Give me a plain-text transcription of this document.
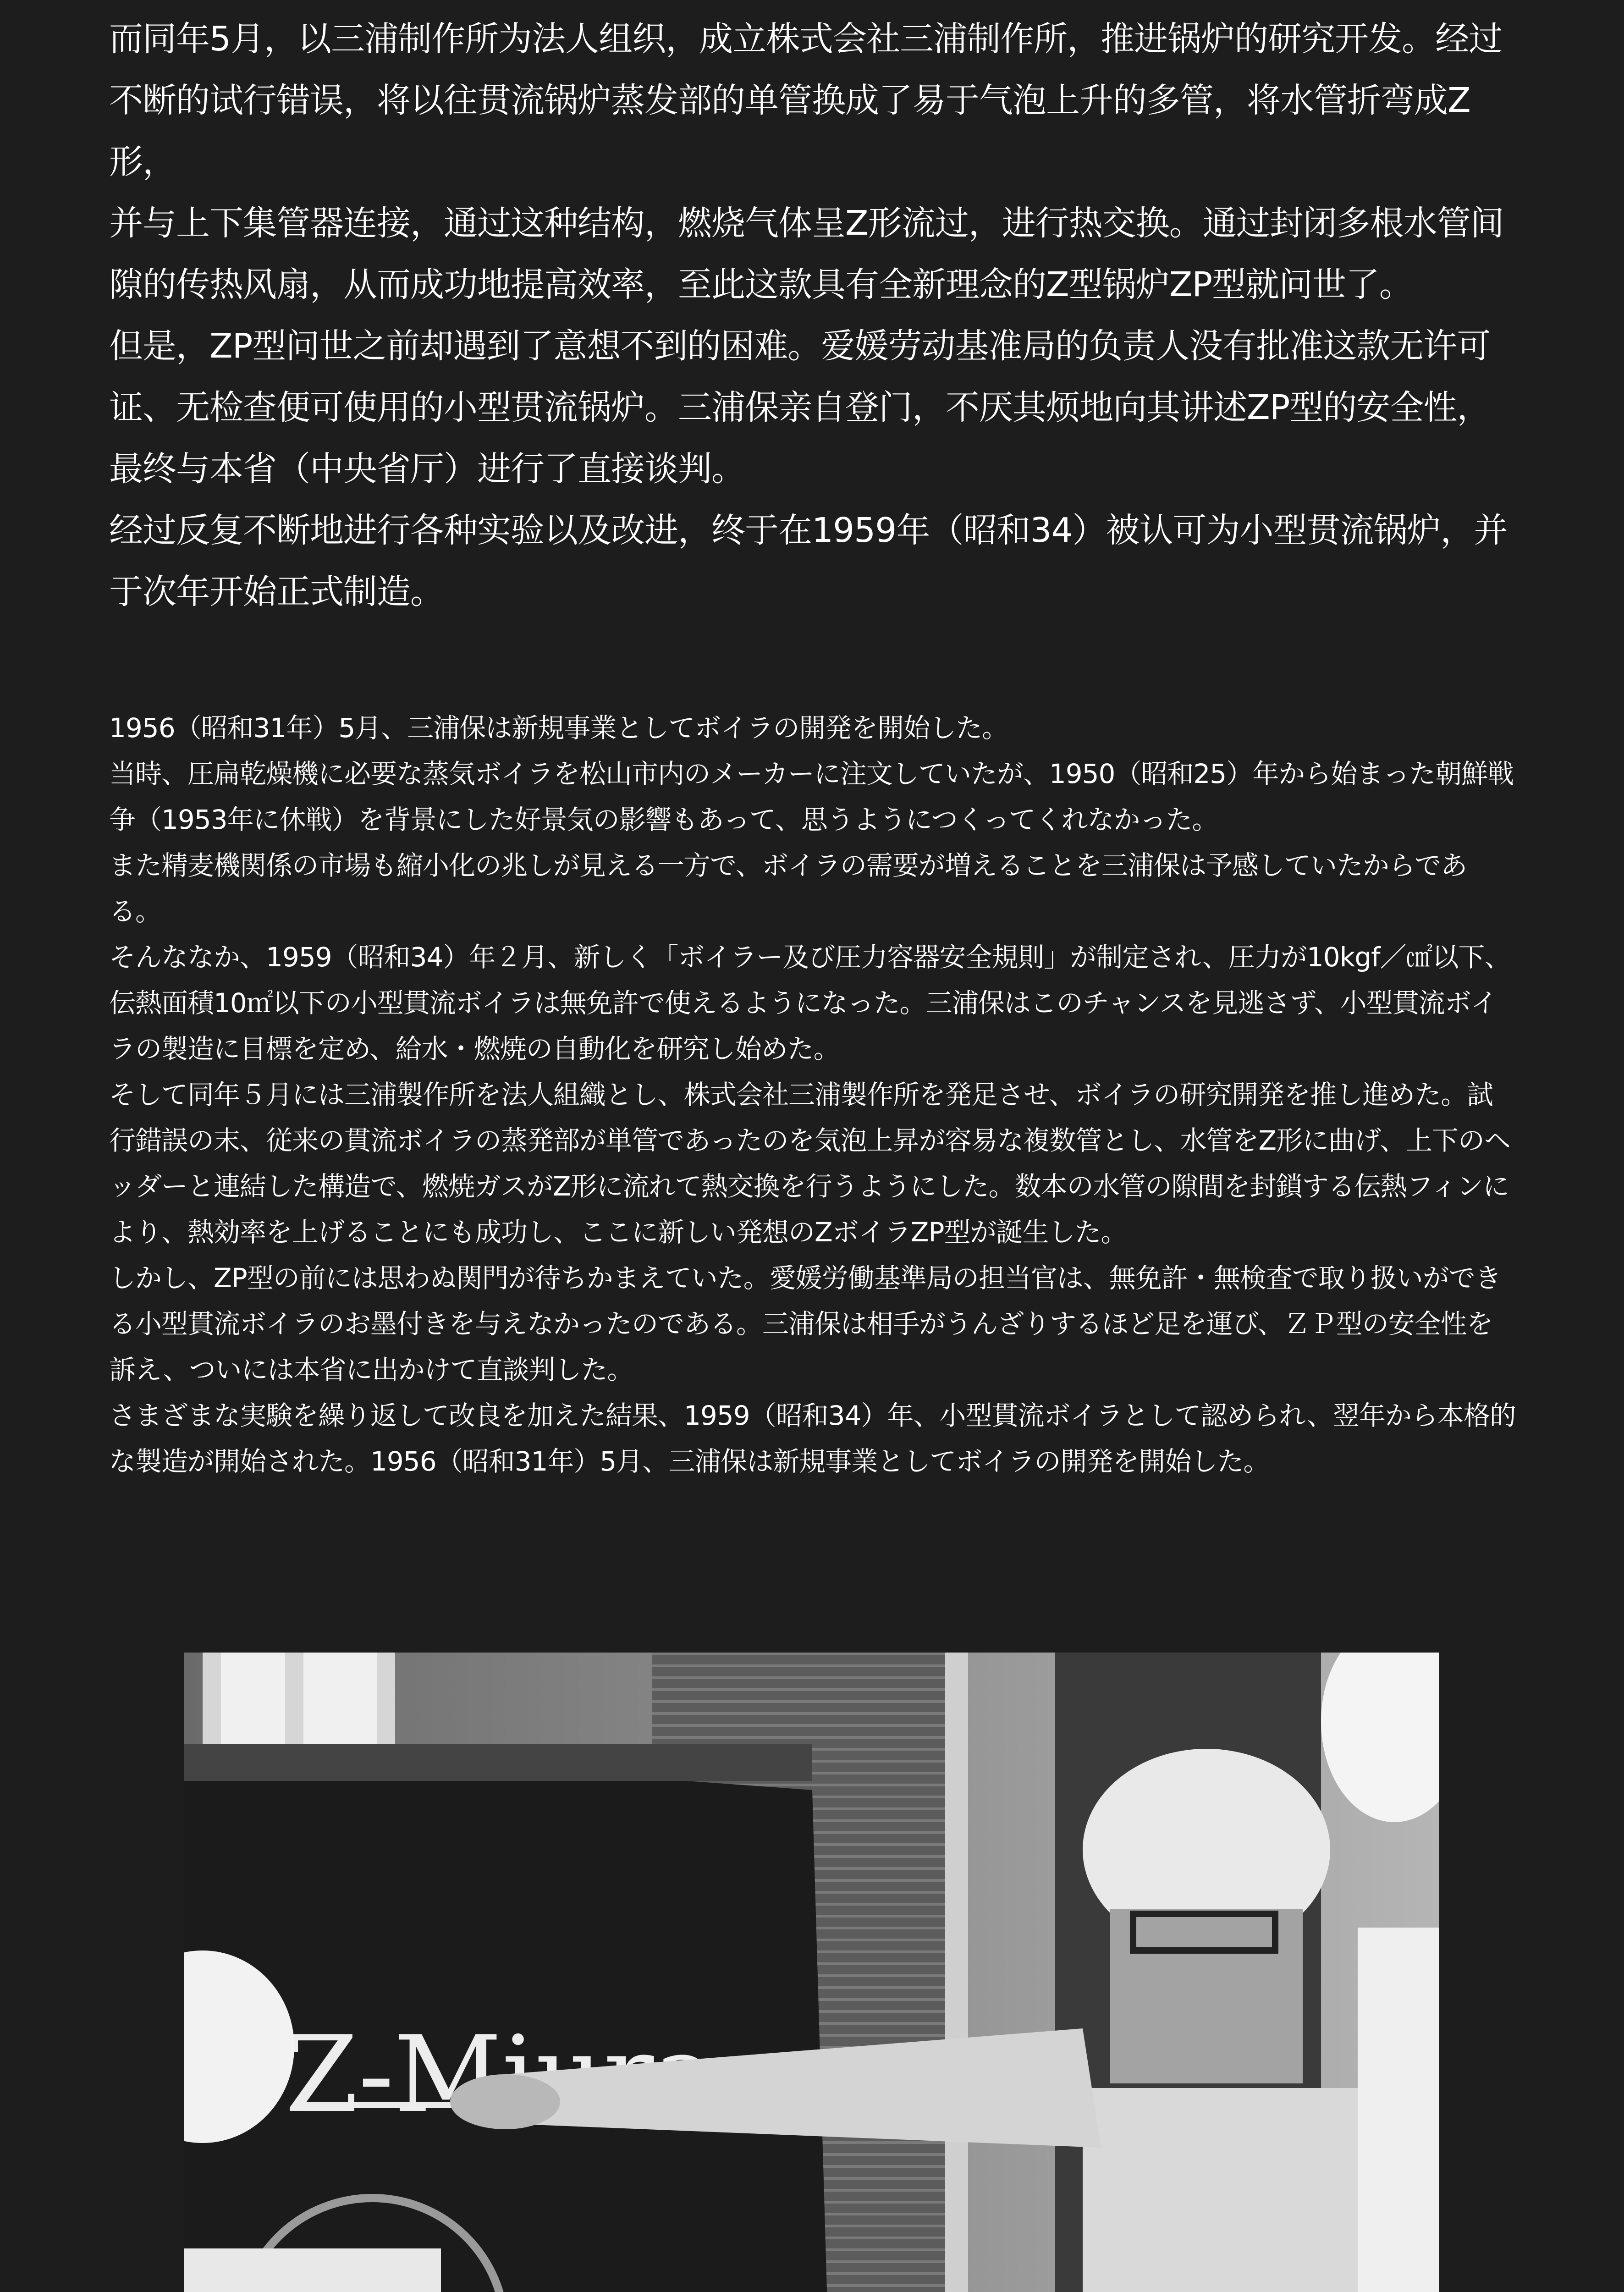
而同年5月，以三浦制作所为法人组织，成立株式会社三浦制作所，推进锅炉的研究开发。经过不断的试行错误，将以往贯流锅炉蒸发部的单管换成了易于气泡上升的多管，将水管折弯成Z形，

并与上下集管器连接，通过这种结构，燃烧气体呈Z形流过，进行热交换。通过封闭多根水管间隙的传热风扇，从而成功地提高效率，至此这款具有全新理念的Z型锅炉ZP型就问世了。

但是，ZP型问世之前却遇到了意想不到的困难。爱媛劳动基准局的负责人没有批准这款无许可证、无检查便可使用的小型贯流锅炉。三浦保亲自登门，不厌其烦地向其讲述ZP型的安全性，最终与本省（中央省厅）进行了直接谈判。

经过反复不断地进行各种实验以及改进，终于在1959年（昭和34）被认可为小型贯流锅炉，并于次年开始正式制造。

1956（昭和31年）5月、三浦保は新規事業としてボイラの開発を開始した。

当時、圧扁乾燥機に必要な蒸気ボイラを松山市内のメーカーに注文していたが、1950（昭和25）年から始まった朝鮮戦争（1953年に休戦）を背景にした好景気の影響もあって、思うようにつくってくれなかった。

また精麦機関係の市場も縮小化の兆しが見える一方で、ボイラの需要が増えることを三浦保は予感していたからである。

そんななか、1959（昭和34）年２月、新しく「ボイラー及び圧力容器安全規則」が制定され、圧力が10kgf／㎠以下、伝熱面積10㎡以下の小型貫流ボイラは無免許で使えるようになった。三浦保はこのチャンスを見逃さず、小型貫流ボイラの製造に目標を定め、給水・燃焼の自動化を研究し始めた。

そして同年５月には三浦製作所を法人組織とし、株式会社三浦製作所を発足させ、ボイラの研究開発を推し進めた。試行錯誤の末、従来の貫流ボイラの蒸発部が単管であったのを気泡上昇が容易な複数管とし、水管をZ形に曲げ、上下のヘッダーと連結した構造で、燃焼ガスがZ形に流れて熱交換を行うようにした。数本の水管の隙間を封鎖する伝熱フィンにより、熱効率を上げることにも成功し、ここに新しい発想のZボイラZP型が誕生した。

しかし、ZP型の前には思わぬ関門が待ちかまえていた。愛媛労働基準局の担当官は、無免許・無検査で取り扱いができる小型貫流ボイラのお墨付きを与えなかったのである。三浦保は相手がうんざりするほど足を運び、ＺＰ型の安全性を訴え、ついには本省に出かけて直談判した。

さまざまな実験を繰り返して改良を加えた結果、1959（昭和34）年、小型貫流ボイラとして認められ、翌年から本格的な製造が開始された。1956（昭和31年）5月、三浦保は新規事業としてボイラの開発を開始した。
